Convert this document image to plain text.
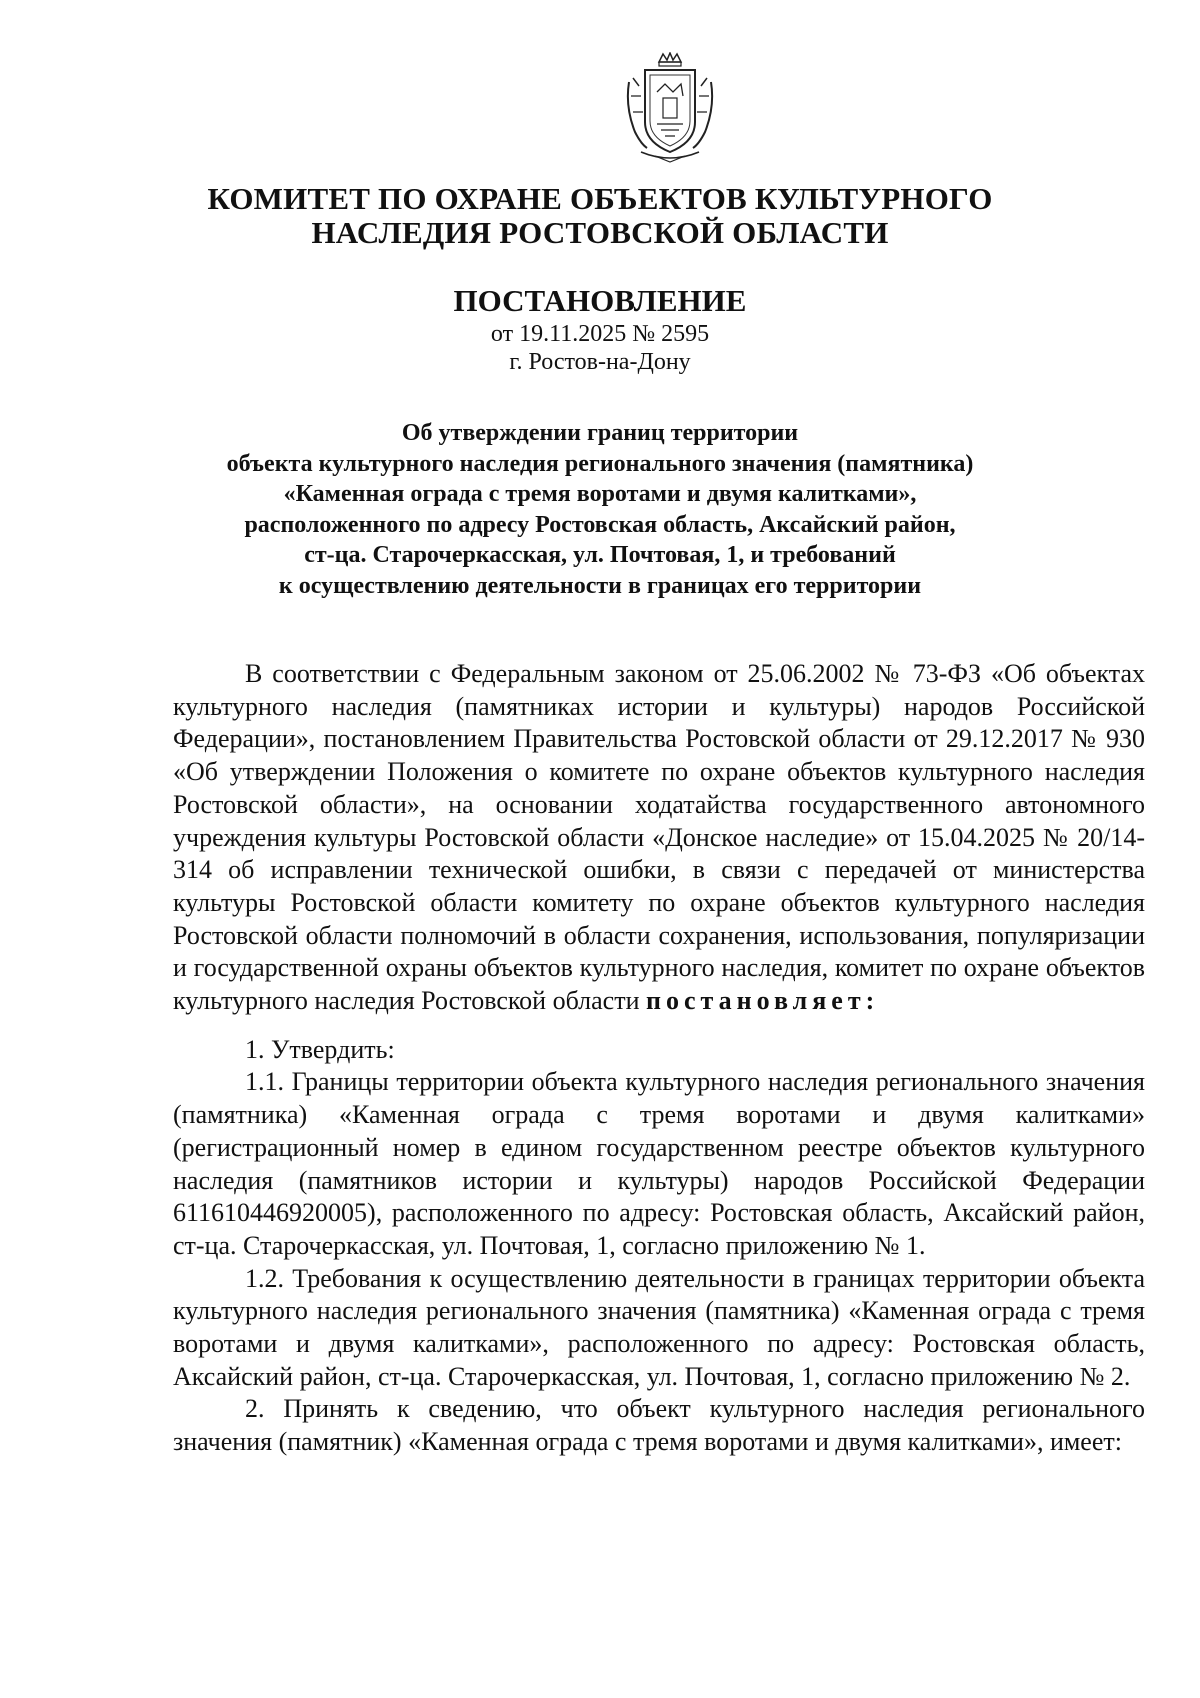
КОМИТЕТ ПО ОХРАНЕ ОБЪЕКТОВ КУЛЬТУРНОГО
НАСЛЕДИЯ РОСТОВСКОЙ ОБЛАСТИ
ПОСТАНОВЛЕНИЕ
от 19.11.2025 № 2595
г. Ростов-на-Дону
Об утверждении границ территории
объекта культурного наследия регионального значения (памятника)
«Каменная ограда с тремя воротами и двумя калитками»,
расположенного по адресу Ростовская область, Аксайский район,
ст-ца. Старочеркасская, ул. Почтовая, 1, и требований
к осуществлению деятельности в границах его территории

В соответствии с Федеральным законом от 25.06.2002 № 73-ФЗ «Об объектах культурного наследия (памятниках истории и культуры) народов Российской Федерации», постановлением Правительства Ростовской области от 29.12.2017 № 930 «Об утверждении Положения о комитете по охране объектов культурного наследия Ростовской области», на основании ходатайства государственного автономного учреждения культуры Ростовской области «Донское наследие» от 15.04.2025 № 20/14-314 об исправлении технической ошибки, в связи с передачей от министерства культуры Ростовской области комитету по охране объектов культурного наследия Ростовской области полномочий в области сохранения, использования, популяризации и государственной охраны объектов культурного наследия, комитет по охране объектов культурного наследия Ростовской области постановляет:

1. Утвердить:

1.1. Границы территории объекта культурного наследия регионального значения (памятника) «Каменная ограда с тремя воротами и двумя калитками» (регистрационный номер в едином государственном реестре объектов культурного наследия (памятников истории и культуры) народов Российской Федерации 611610446920005), расположенного по адресу: Ростовская область, Аксайский район, ст-ца. Старочеркасская, ул. Почтовая, 1, согласно приложению № 1.

1.2. Требования к осуществлению деятельности в границах территории объекта культурного наследия регионального значения (памятника) «Каменная ограда с тремя воротами и двумя калитками», расположенного по адресу: Ростовская область, Аксайский район, ст-ца. Старочеркасская, ул. Почтовая, 1, согласно приложению № 2.

2. Принять к сведению, что объект культурного наследия регионального значения (памятник) «Каменная ограда с тремя воротами и двумя калитками», имеет:
